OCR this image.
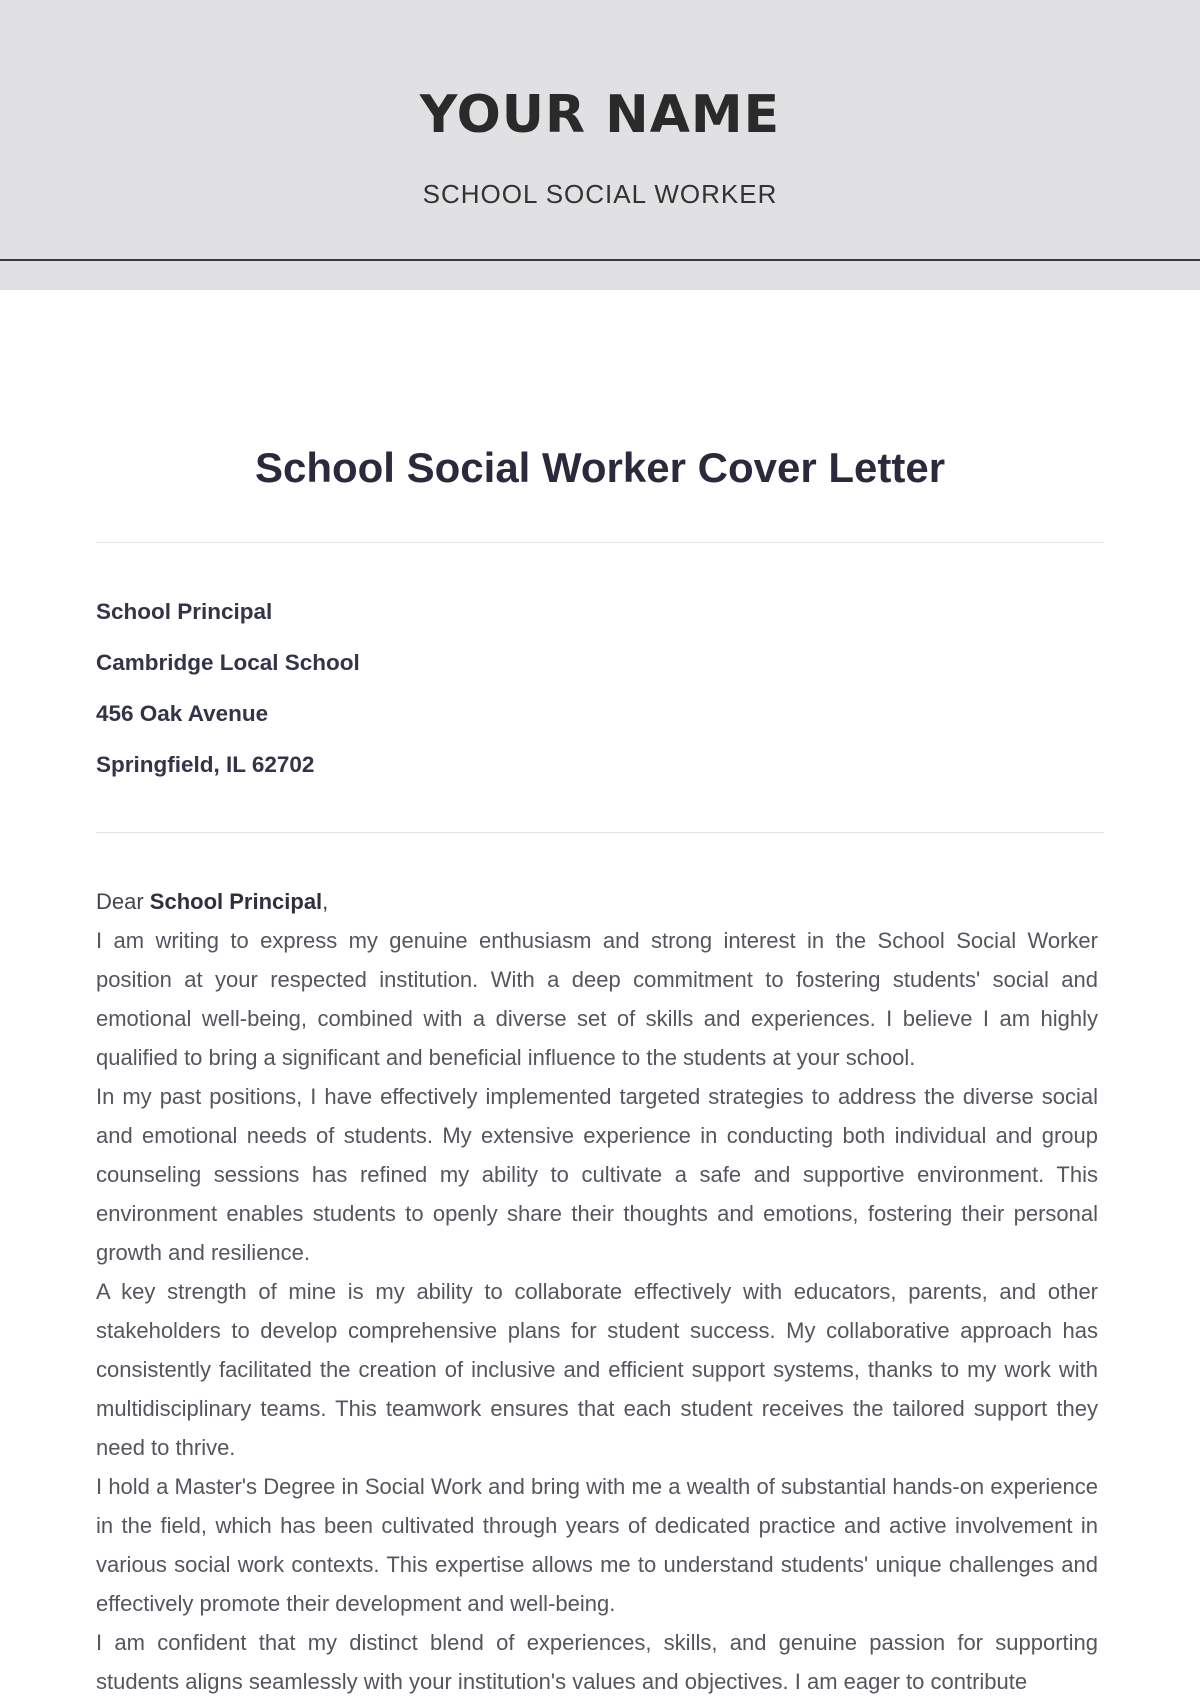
YOUR NAME
SCHOOL SOCIAL WORKER
School Social Worker Cover Letter
School Principal
Cambridge Local School
456 Oak Avenue
Springfield, IL 62702

Dear School Principal,

I am writing to express my genuine enthusiasm and strong interest in the School Social Worker position at your respected institution. With a deep commitment to fostering students' social and emotional well-being, combined with a diverse set of skills and experiences. I believe I am highly qualified to bring a significant and beneficial influence to the students at your school.

In my past positions, I have effectively implemented targeted strategies to address the diverse social and emotional needs of students. My extensive experience in conducting both individual and group counseling sessions has refined my ability to cultivate a safe and supportive environment. This environment enables students to openly share their thoughts and emotions, fostering their personal growth and resilience.

A key strength of mine is my ability to collaborate effectively with educators, parents, and other stakeholders to develop comprehensive plans for student success. My collaborative approach has consistently facilitated the creation of inclusive and efficient support systems, thanks to my work with multidisciplinary teams. This teamwork ensures that each student receives the tailored support they need to thrive.

I hold a Master's Degree in Social Work and bring with me a wealth of substantial hands-on experience in the field, which has been cultivated through years of dedicated practice and active involvement in various social work contexts. This expertise allows me to understand students' unique challenges and effectively promote their development and well-being.

I am confident that my distinct blend of experiences, skills, and genuine passion for supporting students aligns seamlessly with your institution's values and objectives. I am eager to contribute
